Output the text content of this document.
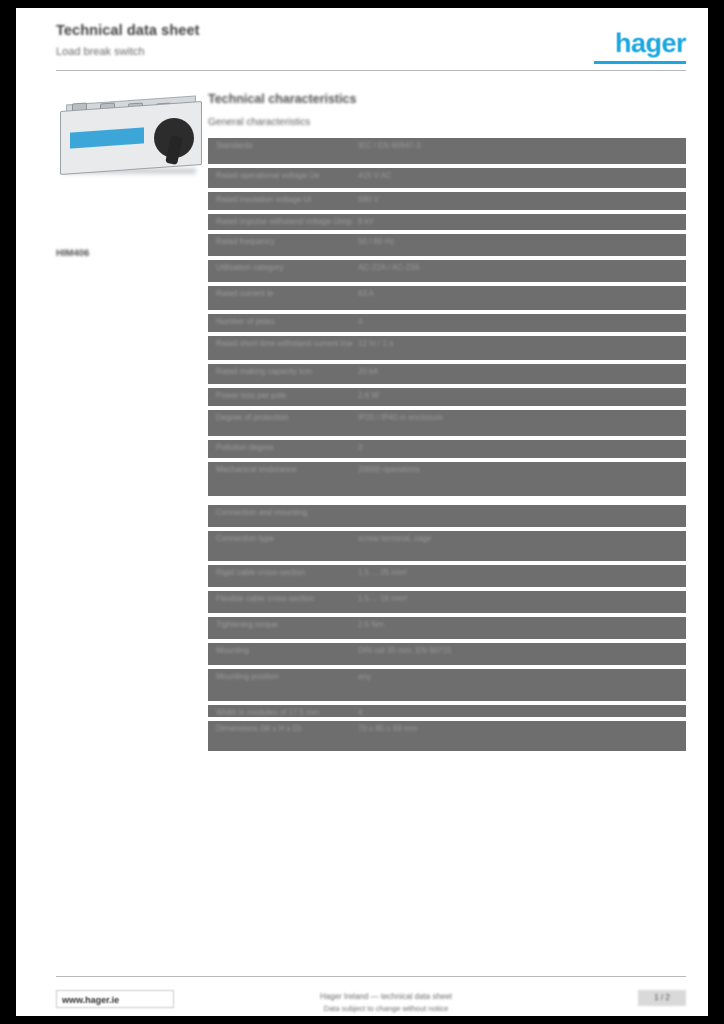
Technical data sheet
Load break switch	hager
HIM406
Technical characteristics
General characteristics
Standards	IEC / EN 60947-3
Rated operational voltage Ue	415 V AC
Rated insulation voltage Ui	690 V
Rated impulse withstand voltage Uimp 8 kV
Rated frequency	50 / 60 Hz
Utilisation category	AC-22A / AC-23A
Rated current Ie	63 A
Number of poles	4
Rated short-time withstand current Icw 12 In / 1 s
Rated making capacity Icm	20 kA
Power loss per pole	2.6 W
Degree of protection	IP20 / IP40 in enclosure
Pollution degree	3
Mechanical endurance	20000 operations
Connection and mounting
Connection type	screw terminal, cage
Rigid cable cross-section	1.5 ... 25 mm²
Flexible cable cross-section	1.5 ... 16 mm²
Tightening torque	2.5 Nm
Mounting	DIN rail 35 mm, EN 60715
Mounting position	any
Width in modules of 17.5 mm	4
Dimensions (W x H x D)	70 x 85 x 69 mm
www.hager.ie	Hager Ireland — technical data sheet
Data subject to change without notice
1 / 2
